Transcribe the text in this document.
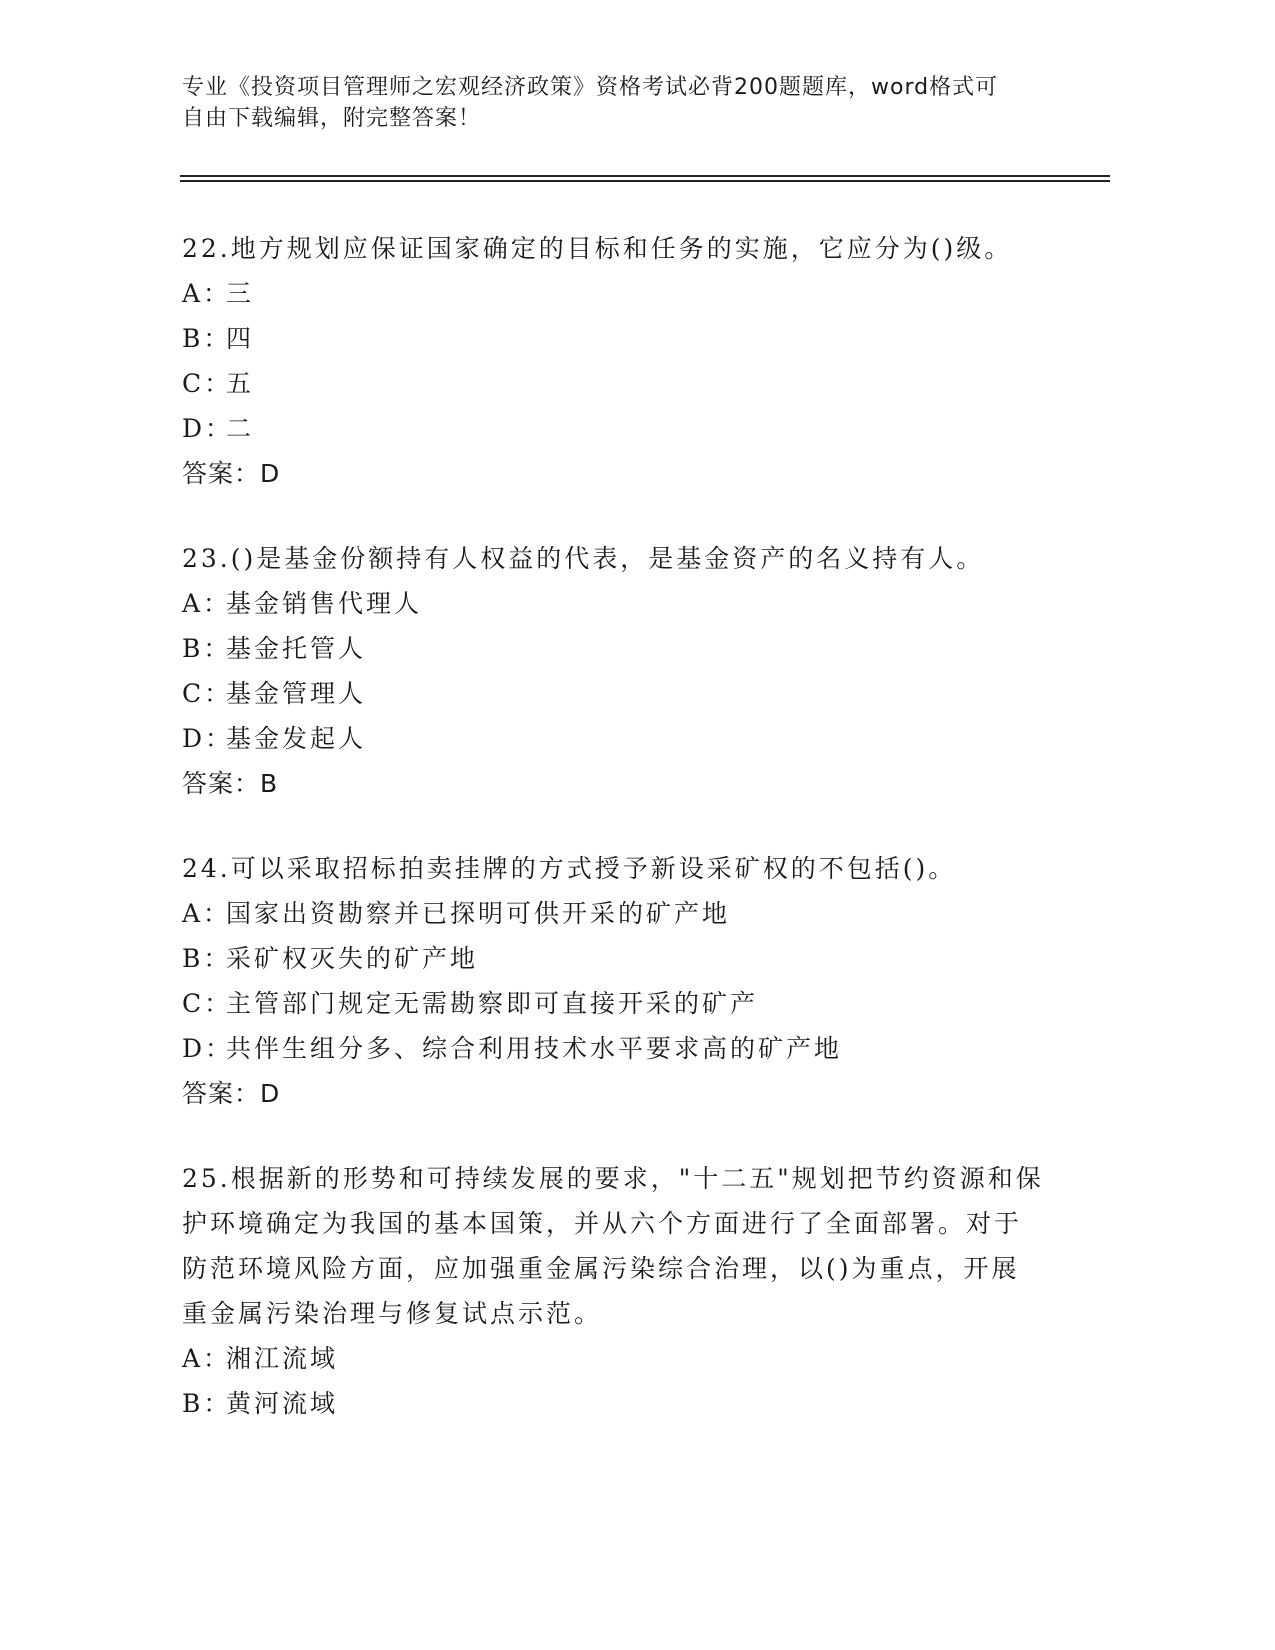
专业《投资项目管理师之宏观经济政策》资格考试必背200题题库，word格式可
自由下载编辑，附完整答案！
22.地方规划应保证国家确定的目标和任务的实施，它应分为()级。
A：三
B：四
C：五
D：二
答案：D
23.()是基金份额持有人权益的代表，是基金资产的名义持有人。
A：基金销售代理人
B：基金托管人
C：基金管理人
D：基金发起人
答案：B
24.可以采取招标拍卖挂牌的方式授予新设采矿权的不包括()。
A：国家出资勘察并已探明可供开采的矿产地
B：采矿权灭失的矿产地
C：主管部门规定无需勘察即可直接开采的矿产
D：共伴生组分多、综合利用技术水平要求高的矿产地
答案：D
25.根据新的形势和可持续发展的要求，"十二五"规划把节约资源和保
护环境确定为我国的基本国策，并从六个方面进行了全面部署。对于
防范环境风险方面，应加强重金属污染综合治理，以()为重点，开展
重金属污染治理与修复试点示范。
A：湘江流域
B：黄河流域
